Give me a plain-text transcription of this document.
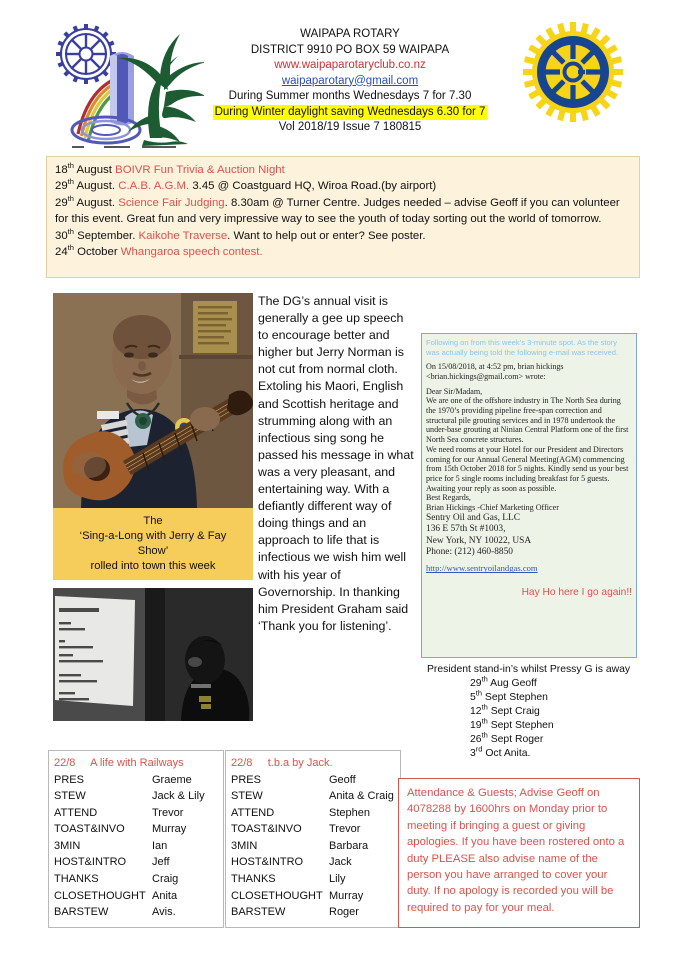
WAIPAPA ROTARY
DISTRICT 9910 PO BOX 59 WAIPAPA
www.waipaparotaryclub.co.nz
waipaparotary@gmail.com
During Summer months Wednesdays 7 for 7.30
During Winter daylight saving Wednesdays 6.30 for 7
Vol 2018/19 Issue 7 180815
18th August BOIVR Fun Trivia & Auction Night
29th August. C.A.B. A.G.M. 3.45 @ Coastguard HQ, Wiroa Road.(by airport)
29th August. Science Fair Judging. 8.30am @ Turner Centre. Judges needed – advise Geoff if you can volunteer for this event. Great fun and very impressive way to see the youth of today sorting out the world of tomorrow.
30th September. Kaikohe Traverse. Want to help out or enter? See poster.
24th October Whangaroa speech contest.
The
‘Sing-a-Long with Jerry & Fay
Show’
rolled into town this week
The DG’s annual visit is generally a gee up speech to encourage better and higher but Jerry Norman is not cut from normal cloth. Extoling his Maori, English and Scottish heritage and strumming along with an infectious sing song he passed his message in what was a very pleasant, and entertaining way. With a defiantly different way of doing things and an approach to life that is infectious we wish him well with his year of Governorship. In thanking him President Graham said ‘Thank you for listening’.
Following on from this week’s 3-minute spot. As the story was actually being told the following e-mail was received.
On 15/08/2018, at 4:52 pm, brian hickings <brian.hickings@gmail.com> wrote:
Dear Sir/Madam,
We are one of the offshore industry in The North Sea during the 1970’s providing pipeline free-span correction and structural pile grouting services and in 1978 undertook the under-base grouting at Ninian Central Platform one of the first North Sea concrete structures.
We need rooms at your Hotel for our President and Directors coming for our Annual General Meeting(AGM) commencing from 15th October 2018 for 5 nights. Kindly send us your best price for 5 single rooms including breakfast for 5 guests.
Awaiting your reply as soon as possible.
Best Regards,
Brian Hickings -Chief Marketing Officer
Sentry Oil and Gas, LLC
136 E 57th St #1003,
New York, NY 10022, USA
Phone: (212) 460-8850
http://www.sentryoilandgas.com
Hay Ho here I go again!!
President stand-in’s whilst Pressy G is away
29th Aug Geoff
5th Sept Stephen
12th Sept Craig
19th Sept Stephen
26th Sept Roger
3rd Oct Anita.
22/8 A life with Railways
PRES	Graeme
STEW	Jack & Lily
ATTEND	Trevor
TOAST&INVO	Murray
3MIN	Ian
HOST&INTRO	Jeff
THANKS	Craig
CLOSETHOUGHT Anita
BARSTEW	Avis.
22/8 t.b.a by Jack.
PRES	Geoff
STEW	Anita & Craig
ATTEND	Stephen
TOAST&INVO	Trevor
3MIN	Barbara
HOST&INTRO	Jack
THANKS	Lily
CLOSETHOUGHT Murray
BARSTEW	Roger
Attendance & Guests; Advise Geoff on 4078288 by 1600hrs on Monday prior to meeting if bringing a guest or giving apologies. If you have been rostered onto a duty PLEASE also advise name of the person you have arranged to cover your duty. If no apology is recorded you will be required to pay for your meal.
